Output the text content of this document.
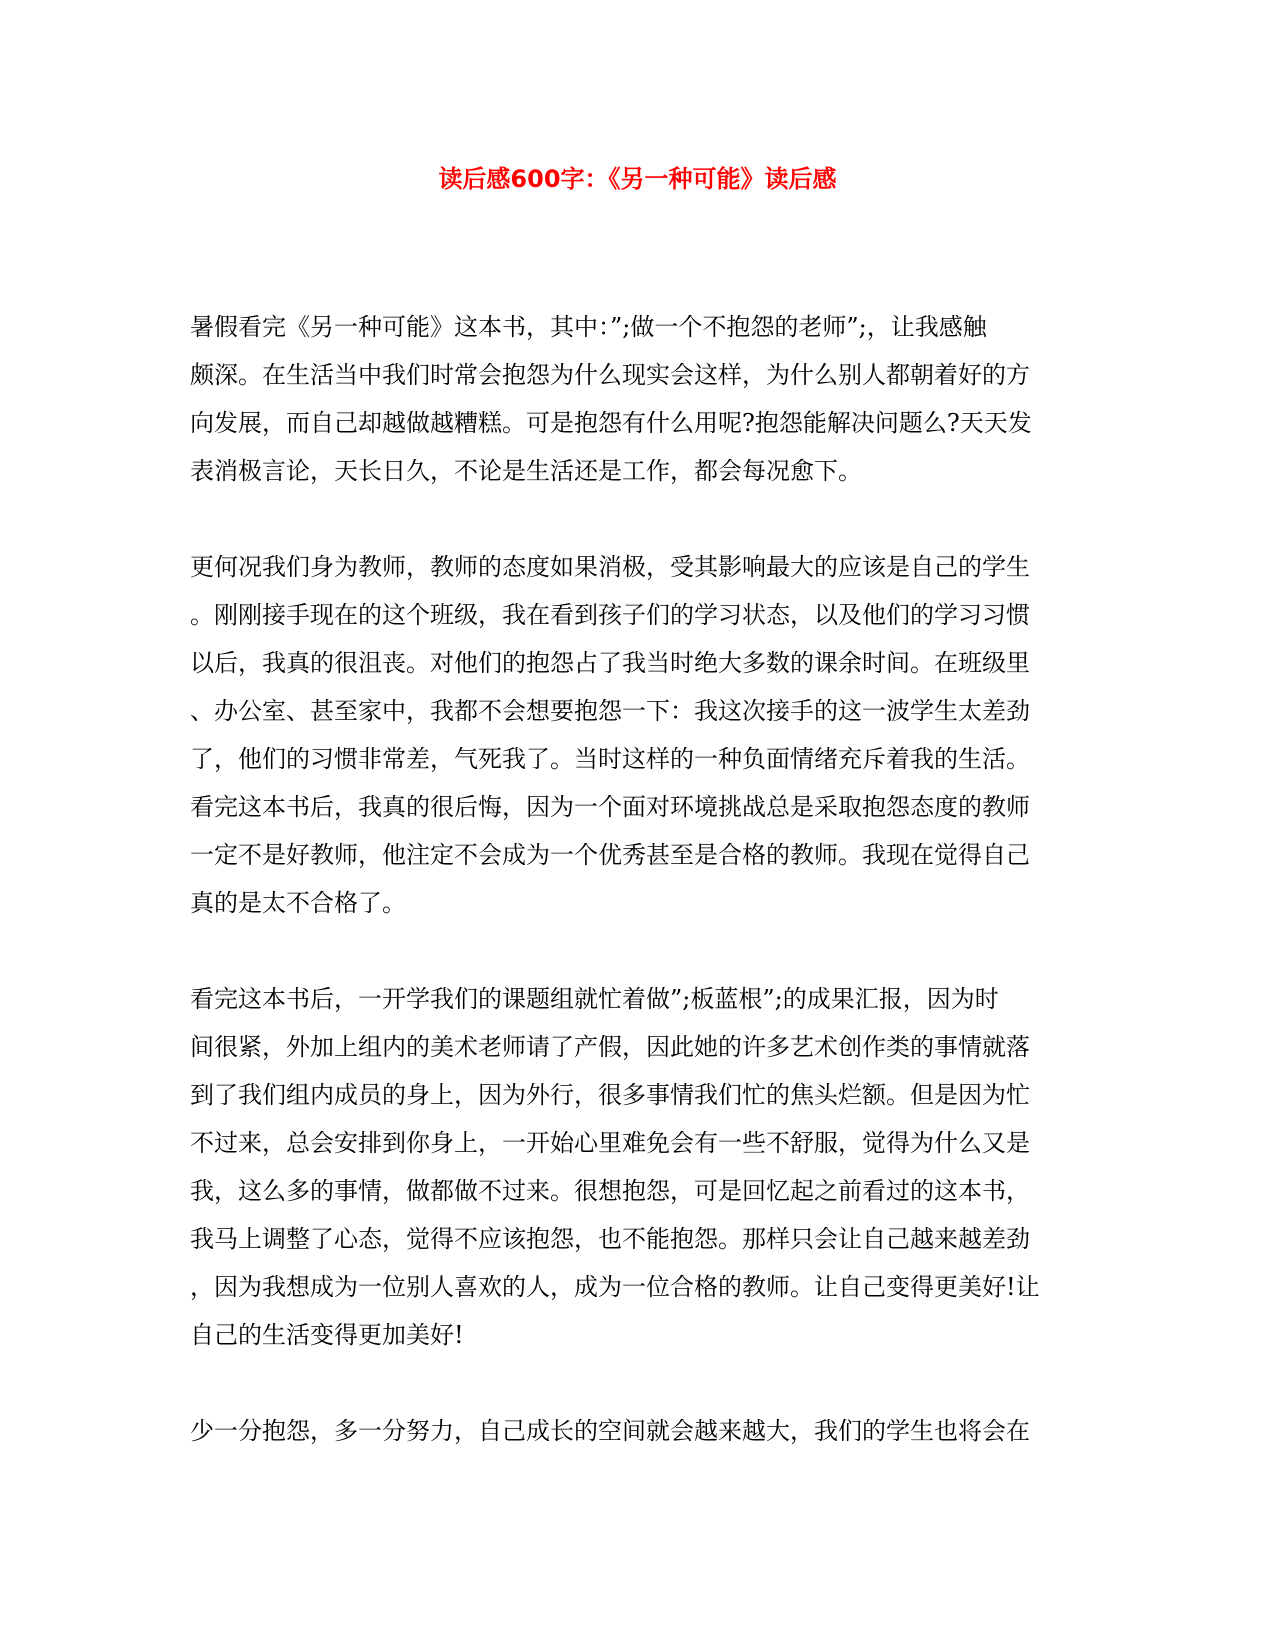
读后感600字：《另一种可能》读后感
暑假看完《另一种可能》这本书，其中：”;做一个不抱怨的老师”;，让我感触
颇深。在生活当中我们时常会抱怨为什么现实会这样，为什么别人都朝着好的方
向发展，而自己却越做越糟糕。可是抱怨有什么用呢?抱怨能解决问题么?天天发
表消极言论，天长日久，不论是生活还是工作，都会每况愈下。
更何况我们身为教师，教师的态度如果消极，受其影响最大的应该是自己的学生
。刚刚接手现在的这个班级，我在看到孩子们的学习状态，以及他们的学习习惯
以后，我真的很沮丧。对他们的抱怨占了我当时绝大多数的课余时间。在班级里
、办公室、甚至家中，我都不会想要抱怨一下：我这次接手的这一波学生太差劲
了，他们的习惯非常差，气死我了。当时这样的一种负面情绪充斥着我的生活。
看完这本书后，我真的很后悔，因为一个面对环境挑战总是采取抱怨态度的教师
一定不是好教师，他注定不会成为一个优秀甚至是合格的教师。我现在觉得自己
真的是太不合格了。
看完这本书后，一开学我们的课题组就忙着做”;板蓝根”;的成果汇报，因为时
间很紧，外加上组内的美术老师请了产假，因此她的许多艺术创作类的事情就落
到了我们组内成员的身上，因为外行，很多事情我们忙的焦头烂额。但是因为忙
不过来，总会安排到你身上，一开始心里难免会有一些不舒服，觉得为什么又是
我，这么多的事情，做都做不过来。很想抱怨，可是回忆起之前看过的这本书，
我马上调整了心态，觉得不应该抱怨，也不能抱怨。那样只会让自己越来越差劲
，因为我想成为一位别人喜欢的人，成为一位合格的教师。让自己变得更美好!让
自己的生活变得更加美好!
少一分抱怨，多一分努力，自己成长的空间就会越来越大，我们的学生也将会在
